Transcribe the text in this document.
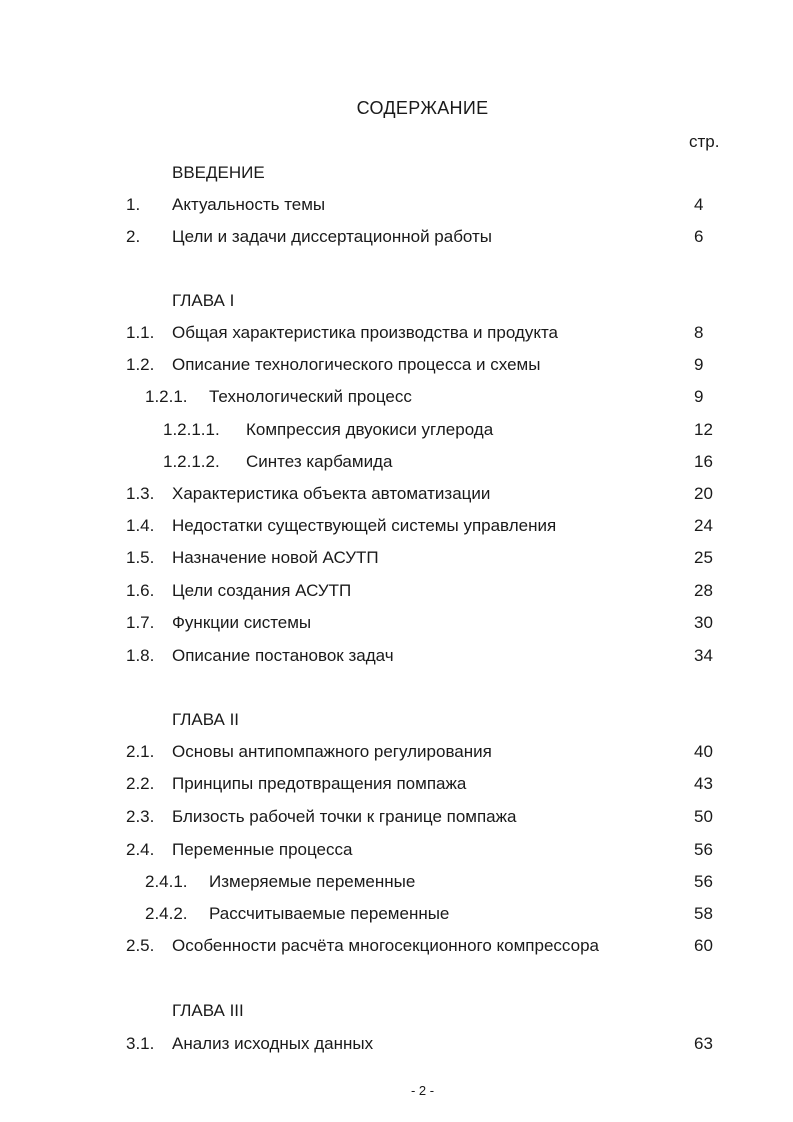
СОДЕРЖАНИЕ
стр.
ВВЕДЕНИЕ
1. Актуальность темы	4
2. Цели и задачи диссертационной работы	6
ГЛАВА I
1.1. Общая характеристика производства и продукта	8
1.2. Описание технологического процесса и схемы	9
1.2.1. Технологический процесс	9
1.2.1.1. Компрессия двуокиси углерода	12
1.2.1.2. Синтез карбамида	16
1.3. Характеристика объекта автоматизации	20
1.4. Недостатки существующей системы управления	24
1.5. Назначение новой АСУТП	25
1.6. Цели создания АСУТП	28
1.7. Функции системы	30
1.8. Описание постановок задач	34
ГЛАВА II
2.1. Основы антипомпажного регулирования	40
2.2. Принципы предотвращения помпажа	43
2.3. Близость рабочей точки к границе помпажа	50
2.4. Переменные процесса	56
2.4.1. Измеряемые переменные	56
2.4.2. Рассчитываемые переменные	58
2.5. Особенности расчёта многосекционного компрессора	60
ГЛАВА III
3.1. Анализ исходных данных	63
- 2 -
